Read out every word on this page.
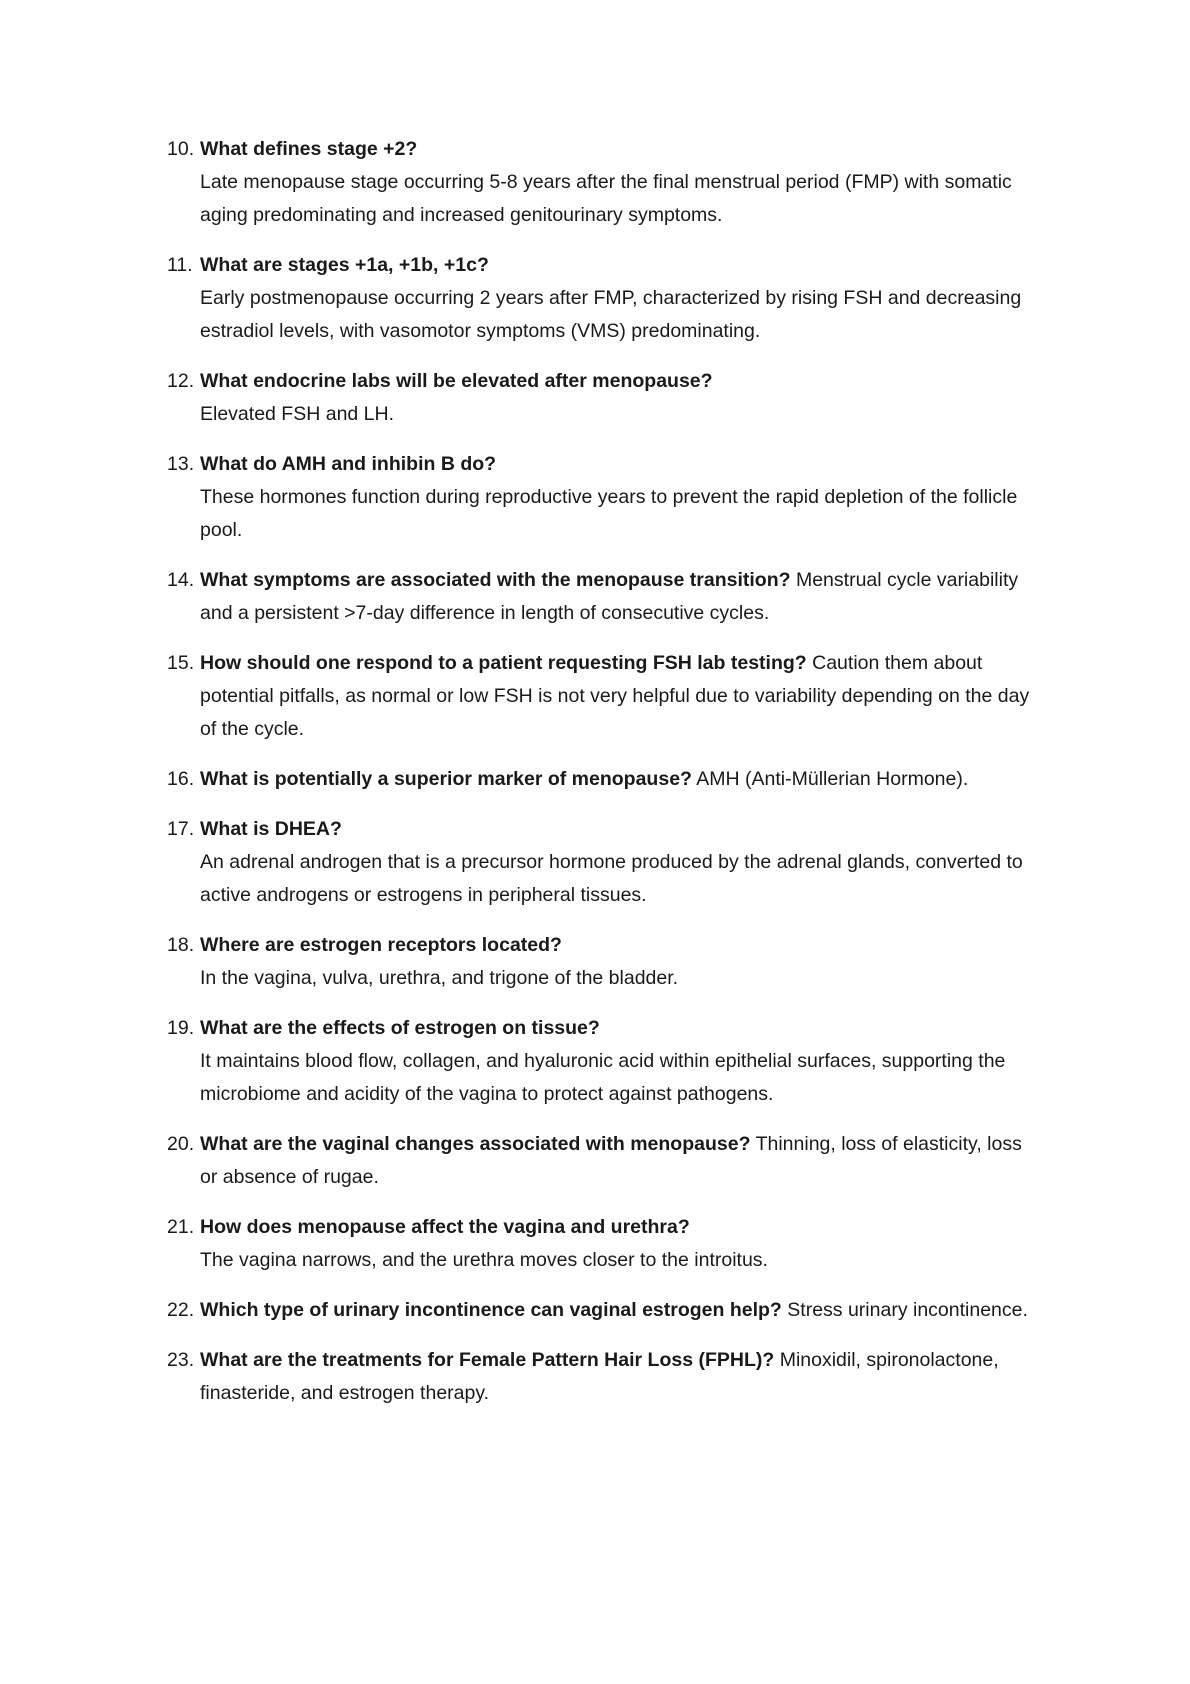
10. What defines stage +2?
Late menopause stage occurring 5-8 years after the final menstrual period (FMP) with somatic aging predominating and increased genitourinary symptoms.

11. What are stages +1a, +1b, +1c?
Early postmenopause occurring 2 years after FMP, characterized by rising FSH and decreasing estradiol levels, with vasomotor symptoms (VMS) predominating.

12. What endocrine labs will be elevated after menopause?
Elevated FSH and LH.

13. What do AMH and inhibin B do?
These hormones function during reproductive years to prevent the rapid depletion of the follicle pool.

14. What symptoms are associated with the menopause transition? Menstrual cycle variability and a persistent >7-day difference in length of consecutive cycles.

15. How should one respond to a patient requesting FSH lab testing? Caution them about potential pitfalls, as normal or low FSH is not very helpful due to variability depending on the day of the cycle.

16. What is potentially a superior marker of menopause? AMH (Anti-Müllerian Hormone).

17. What is DHEA?
An adrenal androgen that is a precursor hormone produced by the adrenal glands, converted to active androgens or estrogens in peripheral tissues.

18. Where are estrogen receptors located?
In the vagina, vulva, urethra, and trigone of the bladder.

19. What are the effects of estrogen on tissue?
It maintains blood flow, collagen, and hyaluronic acid within epithelial surfaces, supporting the microbiome and acidity of the vagina to protect against pathogens.

20. What are the vaginal changes associated with menopause? Thinning, loss of elasticity, loss or absence of rugae.

21. How does menopause affect the vagina and urethra?
The vagina narrows, and the urethra moves closer to the introitus.

22. Which type of urinary incontinence can vaginal estrogen help? Stress urinary incontinence.

23. What are the treatments for Female Pattern Hair Loss (FPHL)? Minoxidil, spironolactone, finasteride, and estrogen therapy.
